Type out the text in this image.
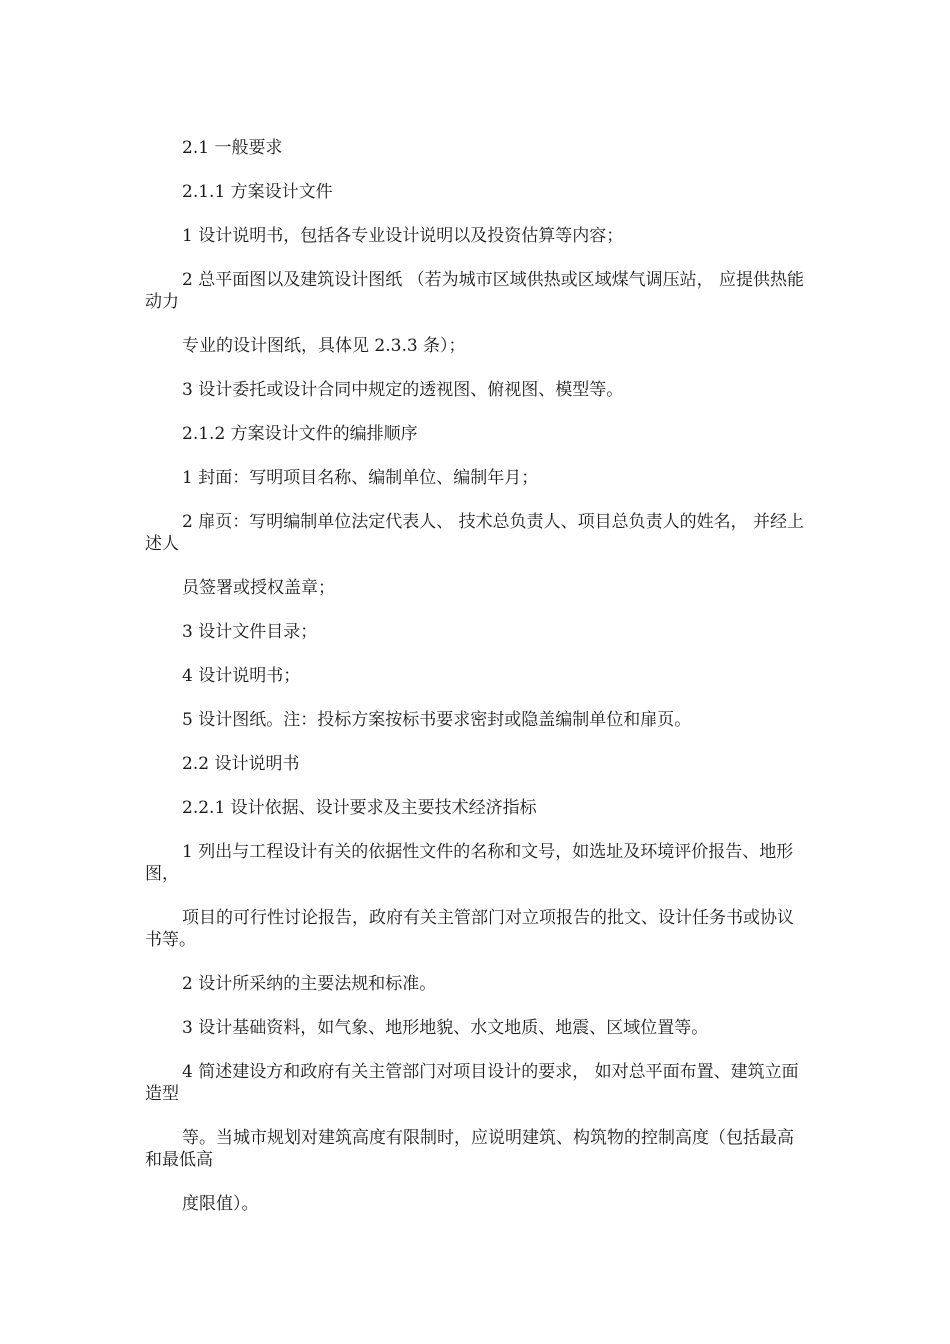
2.1 一般要求

2.1.1 方案设计文件

1 设计说明书，包括各专业设计说明以及投资估算等内容；

2 总平面图以及建筑设计图纸 （若为城市区域供热或区域煤气调压站， 应提供热能动力

专业的设计图纸，具体见 2.3.3 条）；

3 设计委托或设计合同中规定的透视图、俯视图、模型等。

2.1.2 方案设计文件的编排顺序

1 封面：写明项目名称、编制单位、编制年月；

2 扉页：写明编制单位法定代表人、 技术总负责人、项目总负责人的姓名， 并经上述人

员签署或授权盖章；

3 设计文件目录；

4 设计说明书；

5 设计图纸。注：投标方案按标书要求密封或隐盖编制单位和扉页。

2.2 设计说明书

2.2.1 设计依据、设计要求及主要技术经济指标

1 列出与工程设计有关的依据性文件的名称和文号，如选址及环境评价报告、地形图，

项目的可行性讨论报告，政府有关主管部门对立项报告的批文、设计任务书或协议书等。

2 设计所采纳的主要法规和标准。

3 设计基础资料，如气象、地形地貌、水文地质、地震、区域位置等。

4 简述建设方和政府有关主管部门对项目设计的要求， 如对总平面布置、建筑立面造型

等。当城市规划对建筑高度有限制时，应说明建筑、构筑物的控制高度（包括最高和最低高

度限值）。
